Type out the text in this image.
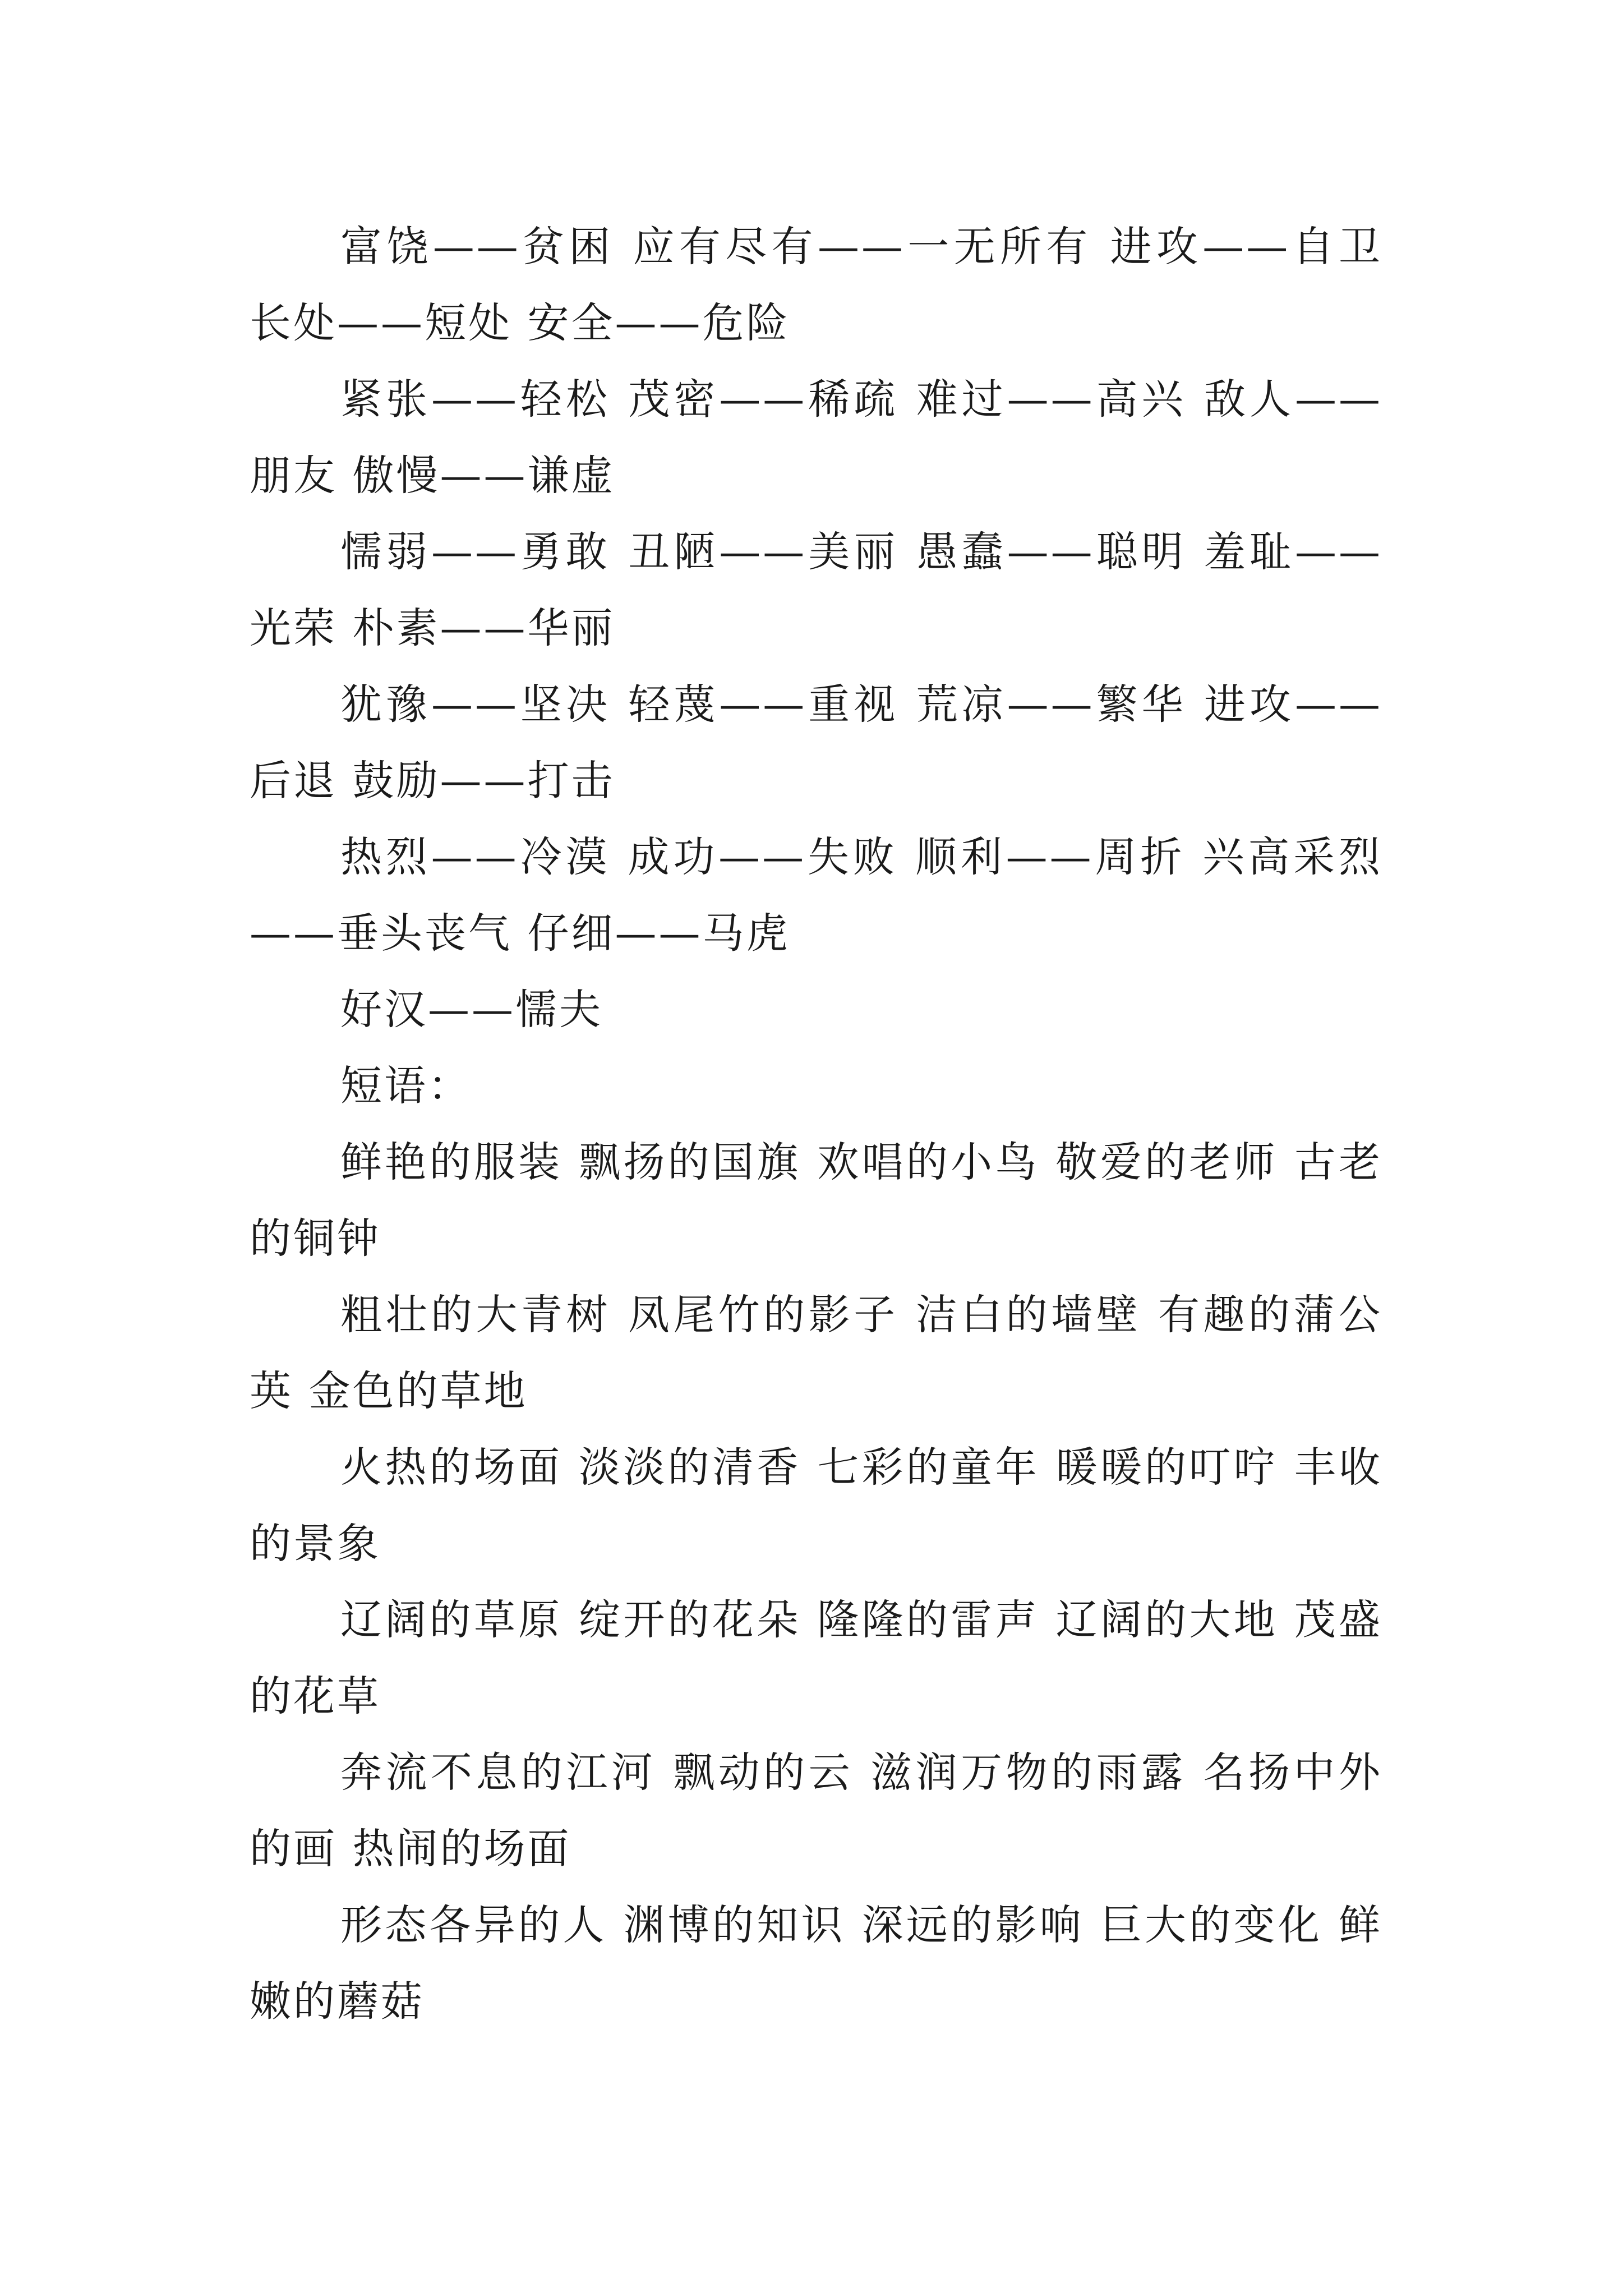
富饶——贫困 应有尽有——一无所有 进攻——自卫 长处——短处 安全——危险

紧张——轻松 茂密——稀疏 难过——高兴 敌人——朋友 傲慢——谦虚

懦弱——勇敢 丑陋——美丽 愚蠢——聪明 羞耻——光荣 朴素——华丽

犹豫——坚决 轻蔑——重视 荒凉——繁华 进攻——后退 鼓励——打击

热烈——冷漠 成功——失败 顺利——周折 兴高采烈——垂头丧气 仔细——马虎

好汉——懦夫

短语：

鲜艳的服装 飘扬的国旗 欢唱的小鸟 敬爱的老师 古老的铜钟

粗壮的大青树 凤尾竹的影子 洁白的墙壁 有趣的蒲公英 金色的草地

火热的场面 淡淡的清香 七彩的童年 暖暖的叮咛 丰收的景象

辽阔的草原 绽开的花朵 隆隆的雷声 辽阔的大地 茂盛的花草

奔流不息的江河 飘动的云 滋润万物的雨露 名扬中外的画 热闹的场面

形态各异的人 渊博的知识 深远的影响 巨大的变化 鲜嫩的蘑菇
